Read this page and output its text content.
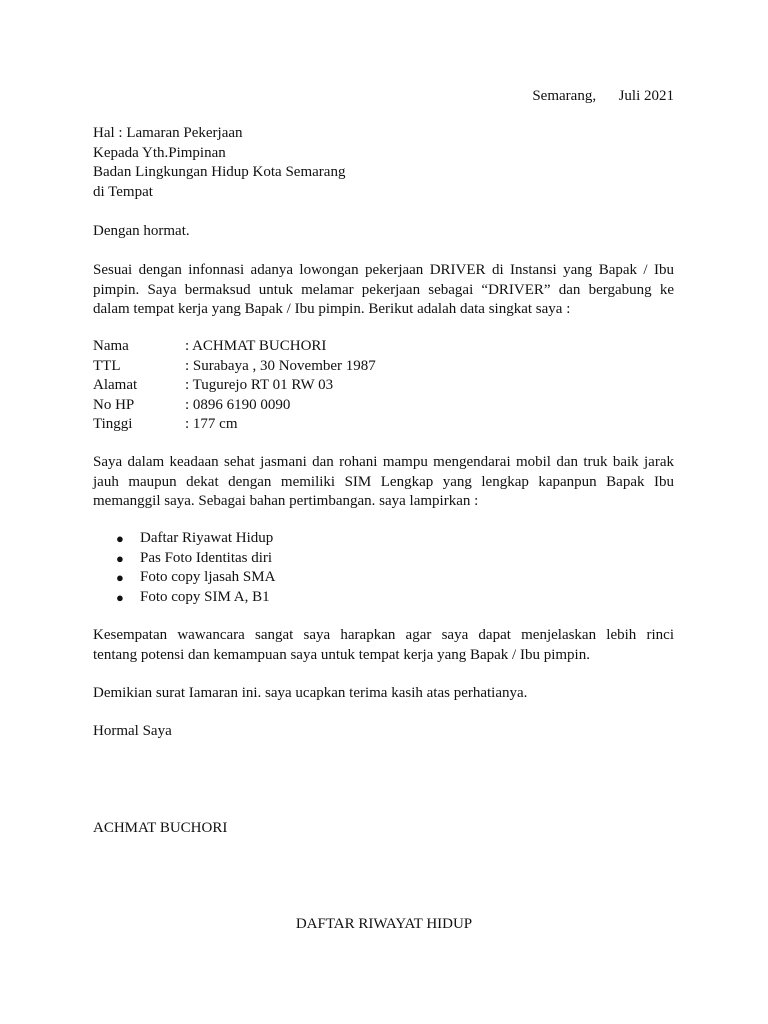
Semarang,      Juli 2021
Hal : Lamaran Pekerjaan
Kepada Yth.Pimpinan
Badan Lingkungan Hidup Kota Semarang
di Tempat
Dengan hormat.
Sesuai dengan infonnasi adanya lowongan pekerjaan DRIVER di Instansi yang Bapak / Ibu
pimpin. Saya bermaksud untuk melamar pekerjaan sebagai “DRIVER” dan bergabung ke
dalam tempat kerja yang Bapak / Ibu pimpin. Berikut adalah data singkat saya :
Nama	: ACHMAT BUCHORI
TTL	: Surabaya , 30 November 1987
Alamat	: Tugurejo RT 01 RW 03
No HP	: 0896 6190 0090
Tinggi	: 177 cm
Saya dalam keadaan sehat jasmani dan rohani mampu mengendarai mobil dan truk baik jarak
jauh maupun dekat dengan memiliki SIM Lengkap yang lengkap kapanpun Bapak Ibu
memanggil saya. Sebagai bahan pertimbangan. saya lampirkan :
●	Daftar Riyawat Hidup
●	Pas Foto Identitas diri
●	Foto copy ljasah SMA
●	Foto copy SIM A, B1
Kesempatan wawancara sangat saya harapkan agar saya dapat menjelaskan lebih rinci
tentang potensi dan kemampuan saya untuk tempat kerja yang Bapak / Ibu pimpin.
Demikian surat Iamaran ini. saya ucapkan terima kasih atas perhatianya.
Hormal Saya
ACHMAT BUCHORI
DAFTAR RIWAYAT HIDUP
